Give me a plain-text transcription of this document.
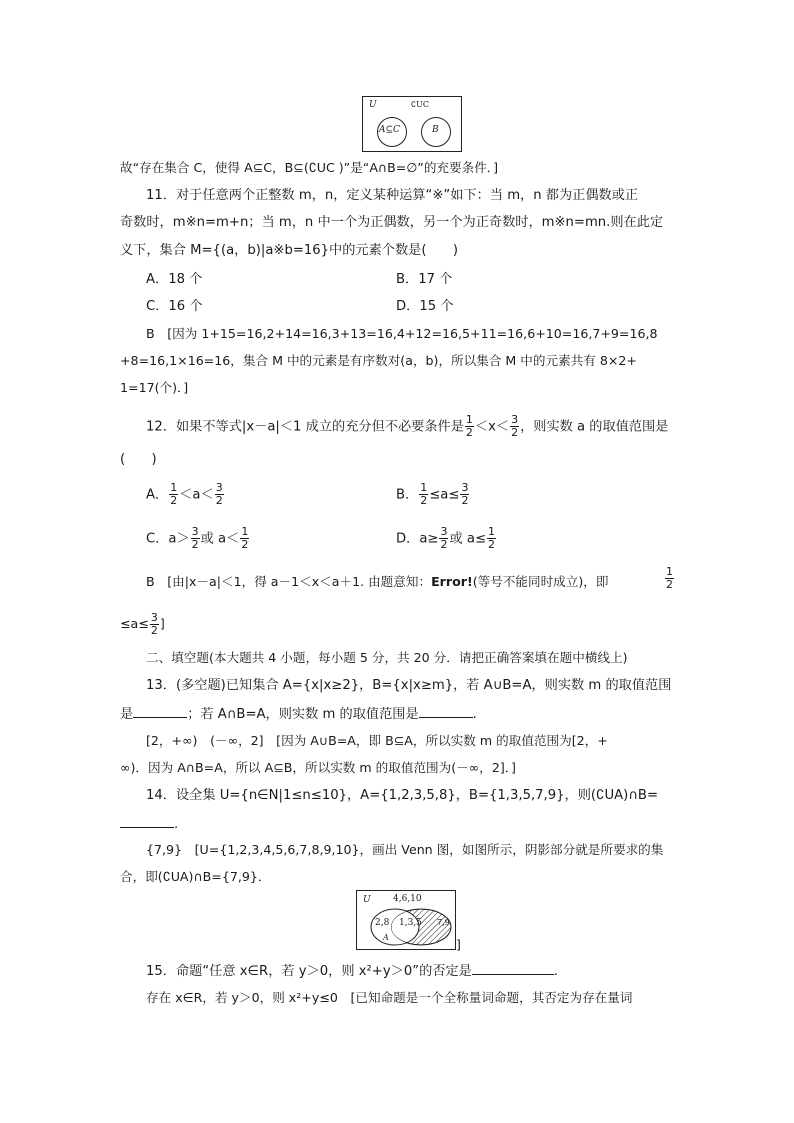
U	∁UC
A⊆C	B
故“存在集合 C，使得 A⊆C，B⊆(∁UC )”是“A∩B=∅”的充要条件．]
11．对于任意两个正整数 m，n，定义某种运算“※”如下：当 m，n 都为正偶数或正
奇数时，m※n=m+n；当 m，n 中一个为正偶数，另一个为正奇数时，m※n=mn.则在此定
义下，集合 M={(a，b)|a※b=16}中的元素个数是(　　)
A．18 个	B．17 个
C．16 个	D．15 个
B　[因为 1+15=16,2+14=16,3+13=16,4+12=16,5+11=16,6+10=16,7+9=16,8
+8=16,1×16=16，集合 M 中的元素是有序数对(a，b)，所以集合 M 中的元素共有 8×2+
1=17(个)．]
12．如果不等式|x－a|＜1 成立的充分但不必要条件是 $\frac{1}{2} <x< \frac{3}{2}$ ，则实数 a 的取值范围是
(　　)
A． $\frac{1}{2} <a< \frac{3}{2}$	B． $\frac{1}{2} \le a\le \frac{3}{2}$
C．$a> \frac{3}{2}$ 或 $a< \frac{1}{2}$	D．$a\ge \frac{3}{2}$ 或 $a\le \frac{1}{2}$
B　[由|x－a|＜1，得 a－1＜x＜a＋1. 由题意知：Error!(等号不能同时成立)，即	$\frac{1}{2}$
$\le a\le \frac{3}{2}$ ]
二、填空题(本大题共 4 小题，每小题 5 分，共 20 分．请把正确答案填在题中横线上)
13．(多空题)已知集合 A={x|x≥2}，B={x|x≥m}，若 A∪B=A，则实数 m 的取值范围
是	；若 A∩B=A，则实数 m 的取值范围是	.
[2，+∞)　(－∞，2]　[因为 A∪B=A，即 B⊆A，所以实数 m 的取值范围为[2，+
∞)．因为 A∩B=A，所以 A⊆B，所以实数 m 的取值范围为(－∞，2]．]
14．设全集 U={n∈N|1≤n≤10}，A={1,2,3,5,8}，B={1,3,5,7,9}，则(∁UA)∩B=
.
{7,9}　[U={1,2,3,4,5,6,7,8,9,10}，画出 Venn 图，如图所示，阴影部分就是所要求的集
合，即(∁UA)∩B={7,9}．
U 4,6,10
2,8 1,3,5
A
7,9
]
15．命题“任意 x∈R，若 y＞0，则 x²+y＞0”的否定是	.
存在 x∈R，若 y＞0，则 x²+y≤0　[已知命题是一个全称量词命题，其否定为存在量词
